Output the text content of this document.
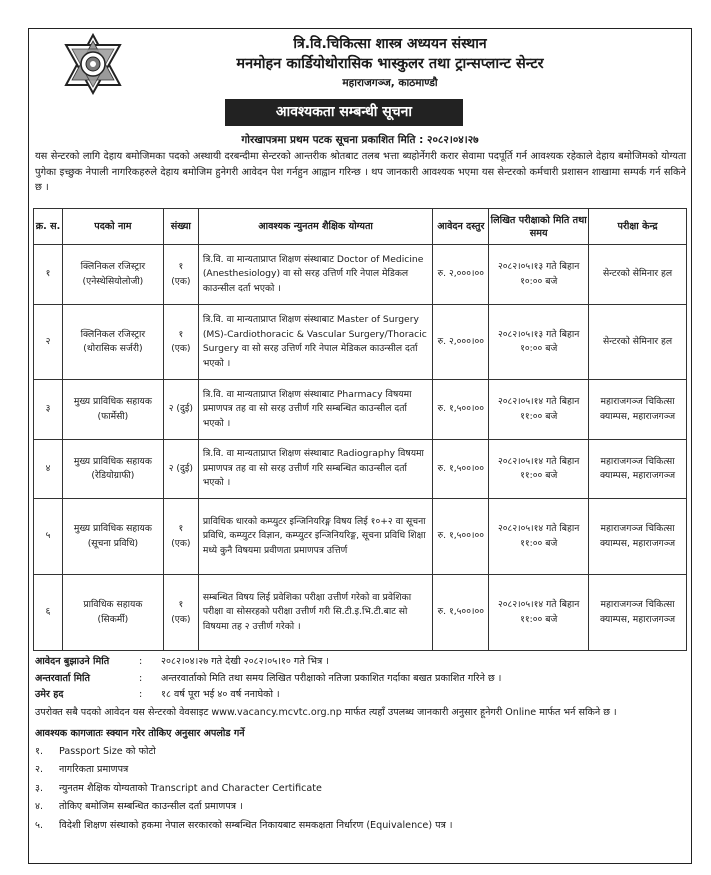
त्रि.वि.चिकित्सा शास्त्र अध्ययन संस्थान
मनमोहन कार्डियोथोरासिक भास्कुलर तथा ट्रान्सप्लान्ट सेन्टर
महाराजगञ्ज, काठमाण्डौ
आवश्यकता सम्बन्धी सूचना
गोरखापत्रमा प्रथम पटक सूचना प्रकाशित मिति : २०८२।०४।२७

यस सेन्टरको लागि देहाय बमोजिमका पदको अस्थायी दरबन्दीमा सेन्टरको आन्तरीक श्रोतबाट तलब भत्ता ब्यहोर्नेगरी करार सेवामा पदपूर्ति गर्न आवश्यक रहेकाले देहाय बमोजिमको योग्यता पुगेका इच्छुक नेपाली नागरिकहरुले देहाय बमोजिम हुनेगरी आवेदन पेश गर्नहुन आह्वान गरिन्छ । थप जानकारी आवश्यक भएमा यस सेन्टरको कर्मचारी प्रशासन शाखामा सम्पर्क गर्न सकिने छ ।

क्र. स.	पदको नाम	संख्या	आवश्यक न्युनतम शैक्षिक योग्यता	आवेदन दस्तुर	लिखित परीक्षाको मिति तथा समय	परीक्षा केन्द्र
१	क्लिनिकल रजिस्ट्रार (एनेस्थेसियोलोजी)	१ (एक)	त्रि.वि. वा मान्यताप्राप्त शिक्षण संस्थाबाट Doctor of Medicine (Anesthesiology) वा सो सरह उत्तिर्ण गरि नेपाल मेडिकल काउन्सील दर्ता भएको ।	रु. २,०००।००	२०८२।०५।१३ गते बिहान १०:०० बजे	सेन्टरको सेमिनार हल
२	क्लिनिकल रजिस्ट्रार (थोरासिक सर्जरी)	१ (एक)	त्रि.वि. वा मान्यताप्राप्त शिक्षण संस्थाबाट Master of Surgery (MS)-Cardiothoracic & Vascular Surgery/Thoracic Surgery वा सो सरह उत्तिर्ण गरि नेपाल मेडिकल काउन्सील दर्ता भएको ।	रु. २,०००।००	२०८२।०५।१३ गते बिहान १०:०० बजे	सेन्टरको सेमिनार हल
३	मुख्य प्राविधिक सहायक (फार्मेसी)	२ (दुई)	त्रि.वि. वा मान्यताप्राप्त शिक्षण संस्थाबाट Pharmacy विषयमा प्रमाणपत्र तह वा सो सरह उत्तीर्ण गरि सम्बन्धित काउन्सील दर्ता भएको ।	रु. १,५००।००	२०८२।०५।१४ गते बिहान ११:०० बजे	महाराजगञ्ज चिकित्सा क्याम्पस, महाराजगञ्ज
४	मुख्य प्राविधिक सहायक (रेडियोग्राफी)	२ (दुई)	त्रि.वि. वा मान्यताप्राप्त शिक्षण संस्थाबाट Radiography विषयमा प्रमाणपत्र तह वा सो सरह उत्तीर्ण गरि सम्बन्धित काउन्सील दर्ता भएको ।	रु. १,५००।००	२०८२।०५।१४ गते बिहान ११:०० बजे	महाराजगञ्ज चिकित्सा क्याम्पस, महाराजगञ्ज
५	मुख्य प्राविधिक सहायक (सूचना प्रविधि)	१ (एक)	प्राविधिक धारको कम्प्युटर इन्जिनियरिङ्ग विषय लिई १०+२ वा सूचना प्रविधि, कम्प्युटर विज्ञान, कम्प्युटर इन्जिनियरिङ्ग, सूचना प्रविधि शिक्षा मध्ये कुनै विषयमा प्रवीणता प्रमाणपत्र उत्तिर्ण	रु. १,५००।००	२०८२।०५।१४ गते बिहान ११:०० बजे	महाराजगञ्ज चिकित्सा क्याम्पस, महाराजगञ्ज
६	प्राविधिक सहायक (सिकर्मी)	१ (एक)	सम्बन्धित विषय लिई प्रवेशिका परीक्षा उत्तीर्ण गरेको वा प्रवेशिका परीक्षा वा सोसरहको परीक्षा उत्तीर्ण गरी सि.टी.इ.भि.टी.बाट सो विषयमा तह २ उत्तीर्ण गरेको ।	रु. १,५००।००	२०८२।०५।१४ गते बिहान ११:०० बजे	महाराजगञ्ज चिकित्सा क्याम्पस, महाराजगञ्ज
आवेदन बुझाउने मिति	: २०८२।०४।२७ गते देखी २०८२।०५।१० गते भित्र ।
अन्तरवार्ता मिति	: अन्तरवार्ताको मिति तथा समय लिखित परीक्षाको नतिजा प्रकाशित गर्दाका बखत प्रकाशित गरिने छ ।
उमेर हद	: १८ वर्ष पूरा भई ४० वर्ष ननाघेको ।

उपरोक्त सबै पदको आवेदन यस सेन्टरको वेवसाइट www.vacancy.mcvtc.org.np मार्फत त्यहाँ उपलब्ध जानकारी अनुसार हूनेगरी Online मार्फत भर्न सकिने छ ।

आवश्यक कागजातः स्क्यान गरेर तोकिए अनुसार अपलोड गर्ने
१. Passport Size को फोटो
२. नागरिकता प्रमाणपत्र
३. न्युनतम शैक्षिक योग्यताको Transcript and Character Certificate
४. तोकिए बमोजिम सम्बन्धित काउन्सील दर्ता प्रमाणपत्र ।
५. विदेशी शिक्षण संस्थाको हकमा नेपाल सरकारको सम्बन्धित निकायबाट समकक्षता निर्धारण (Equivalence) पत्र ।
